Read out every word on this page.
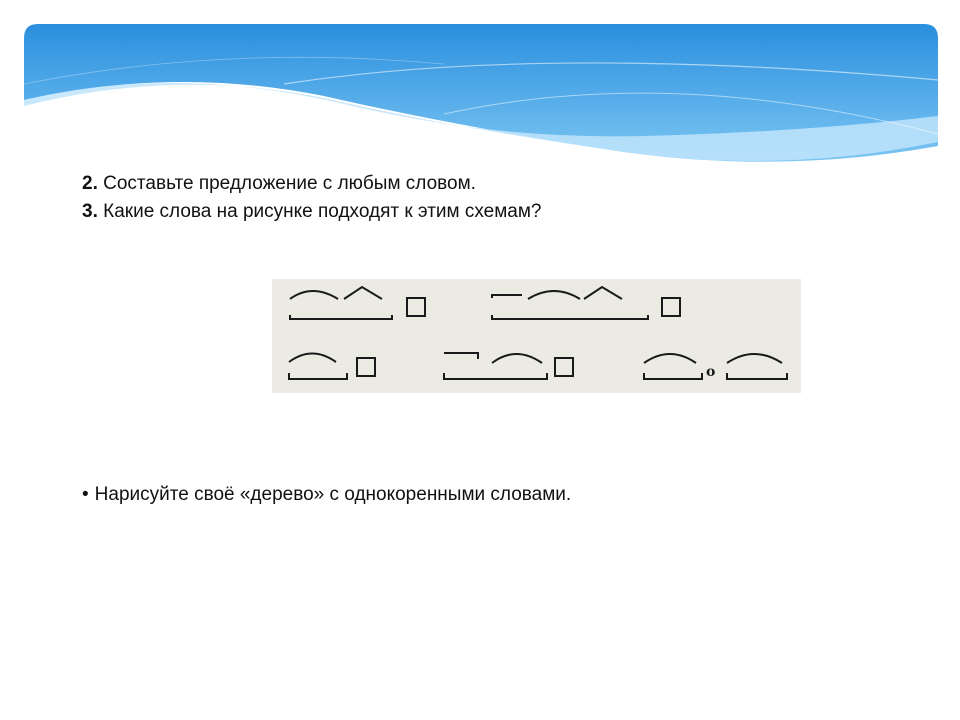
2. Составьте предложение с любым словом.
3. Какие слова на рисунке подходят к этим схемам?
о
• Нарисуйте своё «дерево» с однокоренными словами.
